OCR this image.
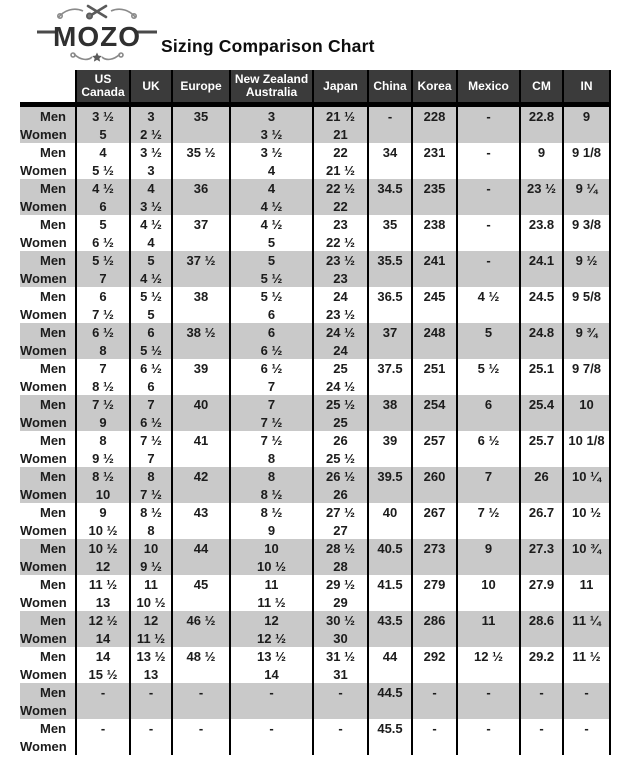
MOZO Sizing Comparison Chart

	US
Canada	UK	Europe	New Zealand
Australia	Japan	China	Korea	Mexico	CM	IN

Men	3 ½	3	35	3	21 ½	-	228	-	22.8	9
Women	5	2 ½		3 ½	21					
Men	4	3 ½	35 ½	3 ½	22	34	231	-	9	9 1/8
Women	5 ½	3		4	21 ½					
Men	4 ½	4	36	4	22 ½	34.5	235	-	23 ½	9 ¼
Women	6	3 ½		4 ½	22					
Men	5	4 ½	37	4 ½	23	35	238	-	23.8	9 3/8
Women	6 ½	4		5	22 ½					
Men	5 ½	5	37 ½	5	23 ½	35.5	241	-	24.1	9 ½
Women	7	4 ½		5 ½	23					
Men	6	5 ½	38	5 ½	24	36.5	245	4 ½	24.5	9 5/8
Women	7 ½	5		6	23 ½					
Men	6 ½	6	38 ½	6	24 ½	37	248	5	24.8	9 ¾
Women	8	5 ½		6 ½	24					
Men	7	6 ½	39	6 ½	25	37.5	251	5 ½	25.1	9 7/8
Women	8 ½	6		7	24 ½					
Men	7 ½	7	40	7	25 ½	38	254	6	25.4	10
Women	9	6 ½		7 ½	25					
Men	8	7 ½	41	7 ½	26	39	257	6 ½	25.7	10 1/8
Women	9 ½	7		8	25 ½					
Men	8 ½	8	42	8	26 ½	39.5	260	7	26	10 ¼
Women	10	7 ½		8 ½	26					
Men	9	8 ½	43	8 ½	27 ½	40	267	7 ½	26.7	10 ½
Women	10 ½	8		9	27					
Men	10 ½	10	44	10	28 ½	40.5	273	9	27.3	10 ¾
Women	12	9 ½		10 ½	28					
Men	11 ½	11	45	11	29 ½	41.5	279	10	27.9	11
Women	13	10 ½		11 ½	29					
Men	12 ½	12	46 ½	12	30 ½	43.5	286	11	28.6	11 ¼
Women	14	11 ½		12 ½	30					
Men	14	13 ½	48 ½	13 ½	31 ½	44	292	12 ½	29.2	11 ½
Women	15 ½	13		14	31					
Men	-	-	-	-	-	44.5	-	-	-	-
Women										
Men	-	-	-	-	-	45.5	-	-	-	-
Women										
